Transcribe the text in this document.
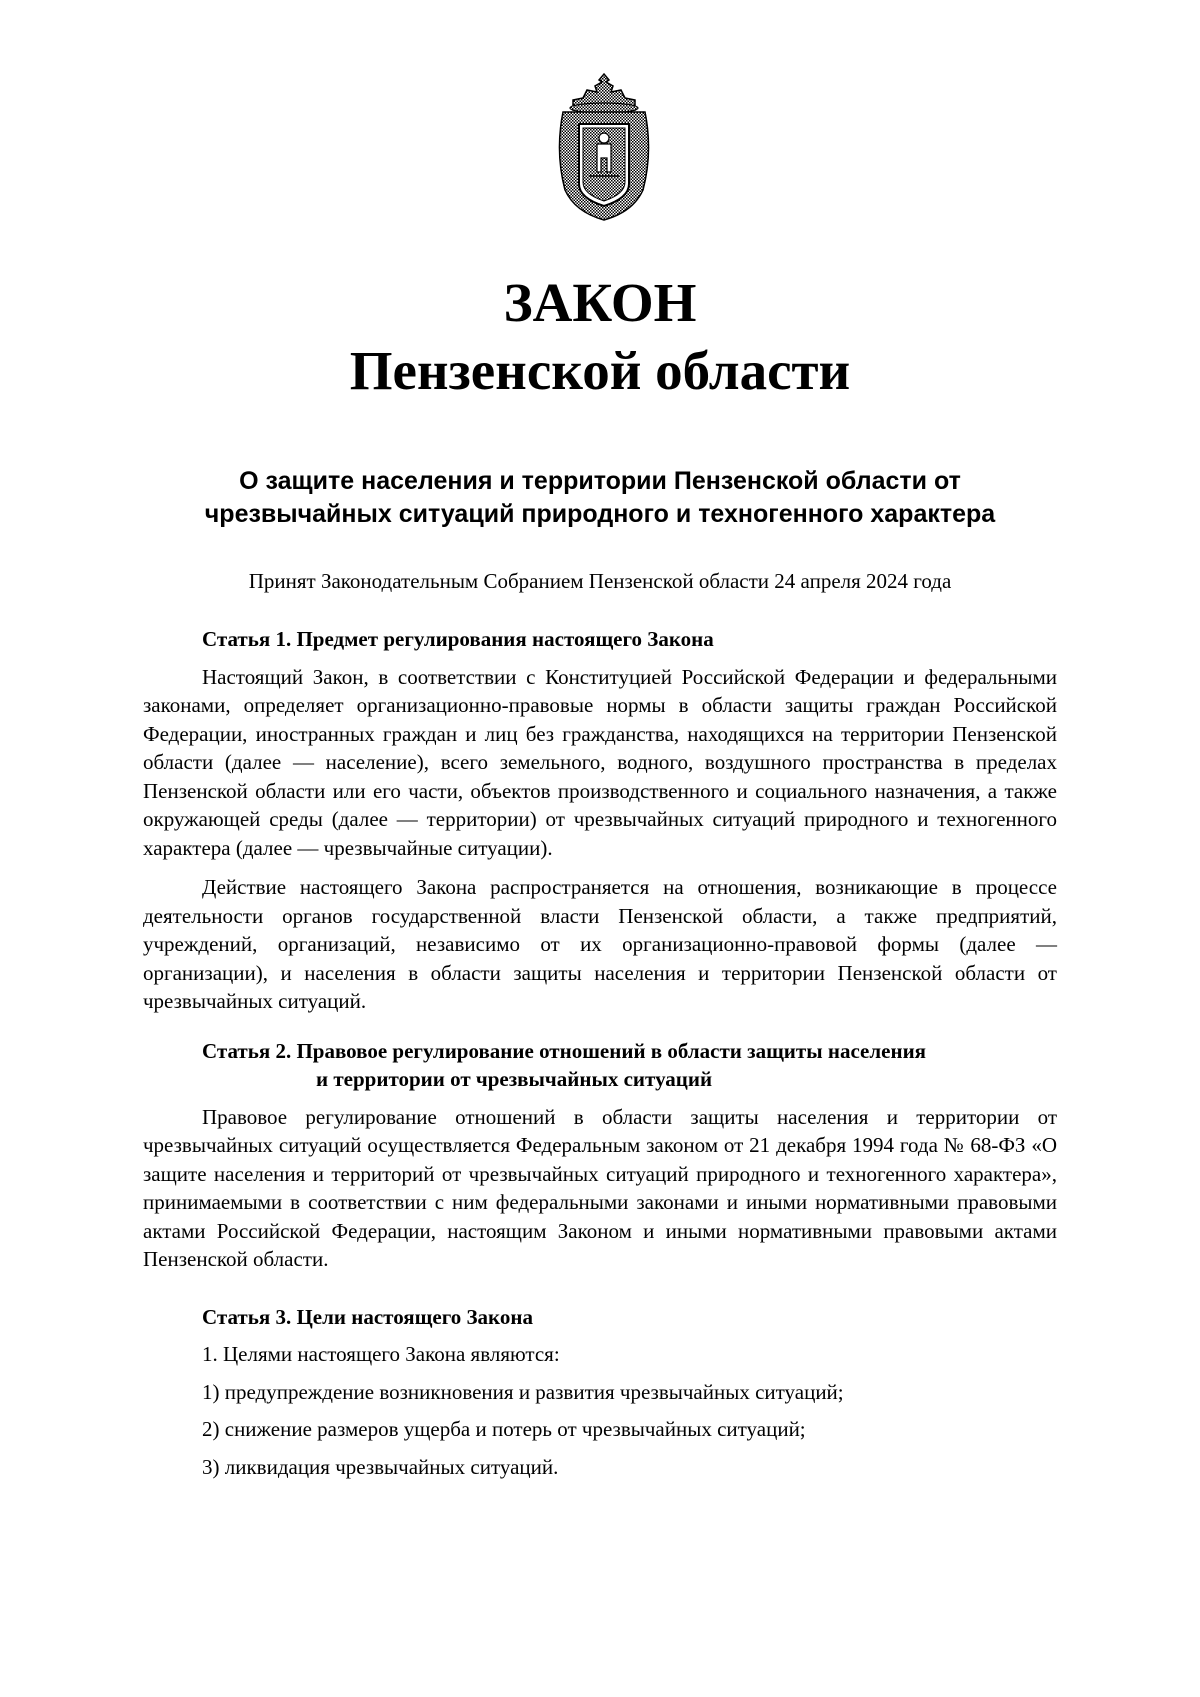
ЗАКОН
Пензенской области
О защите населения и территории Пензенской области от
чрезвычайных ситуаций природного и техногенного характера
Принят Законодательным Собранием Пензенской области 24 апреля 2024 года
Статья 1. Предмет регулирования настоящего Закона

Настоящий Закон, в соответствии с Конституцией Российской Федерации и федеральными законами, определяет организационно-правовые нормы в области защиты граждан Российской Федерации, иностранных граждан и лиц без гражданства, находящихся на территории Пензенской области (далее — население), всего земельного, водного, воздушного пространства в пределах Пензенской области или его части, объектов производственного и социального назначения, а также окружающей среды (далее — территории) от чрезвычайных ситуаций природного и техногенного характера (далее — чрезвычайные ситуации).

Действие настоящего Закона распространяется на отношения, возникающие в процессе деятельности органов государственной власти Пензенской области, а также предприятий, учреждений, организаций, независимо от их организационно-правовой формы (далее — организации), и населения в области защиты населения и территории Пензенской области от чрезвычайных ситуаций.

Статья 2. Правовое регулирование отношений в области защиты населения
и территории от чрезвычайных ситуаций

Правовое регулирование отношений в области защиты населения и территории от чрезвычайных ситуаций осуществляется Федеральным законом от 21 декабря 1994 года № 68-ФЗ «О защите населения и территорий от чрезвычайных ситуаций природного и техногенного характера», принимаемыми в соответствии с ним федеральными законами и иными нормативными правовыми актами Российской Федерации, настоящим Законом и иными нормативными правовыми актами Пензенской области.

Статья 3. Цели настоящего Закона
1. Целями настоящего Закона являются:
1) предупреждение возникновения и развития чрезвычайных ситуаций;
2) снижение размеров ущерба и потерь от чрезвычайных ситуаций;
3) ликвидация чрезвычайных ситуаций.
